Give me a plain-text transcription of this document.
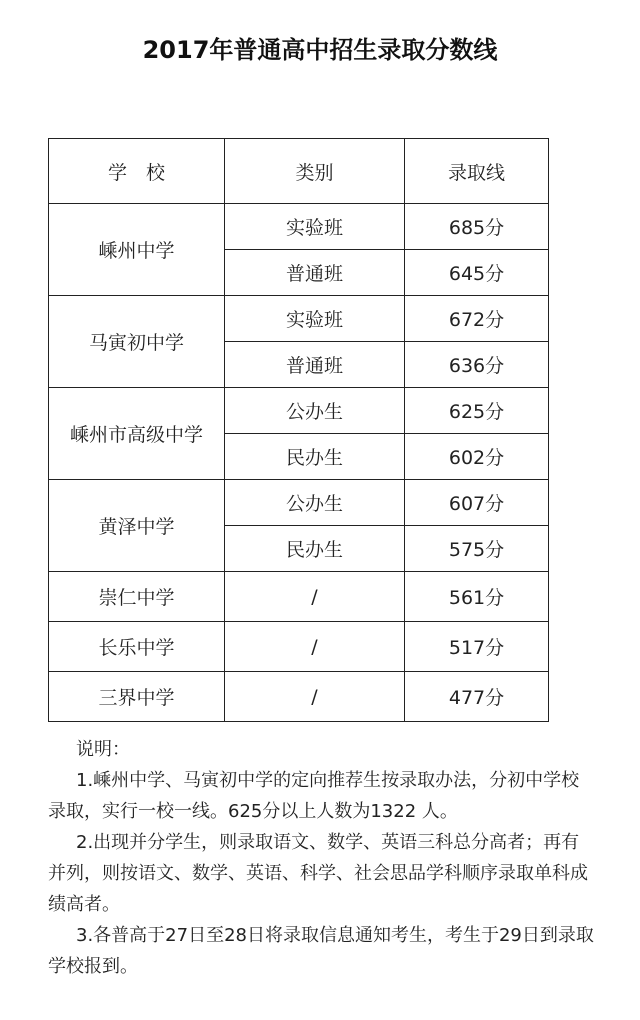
2017年普通高中招生录取分数线
学　校	类别	录取线
嵊州中学	实验班	685分
	普通班	645分
马寅初中学	实验班	672分
	普通班	636分
嵊州市高级中学	公办生	625分
	民办生	602分
黄泽中学	公办生	607分
	民办生	575分
崇仁中学	/	561分
长乐中学	/	517分
三界中学	/	477分

说明：

1.嵊州中学、马寅初中学的定向推荐生按录取办法，分初中学校录取，实行一校一线。625分以上人数为1322 人。

2.出现并分学生，则录取语文、数学、英语三科总分高者；再有并列，则按语文、数学、英语、科学、社会思品学科顺序录取单科成绩高者。

3.各普高于27日至28日将录取信息通知考生，考生于29日到录取学校报到。
